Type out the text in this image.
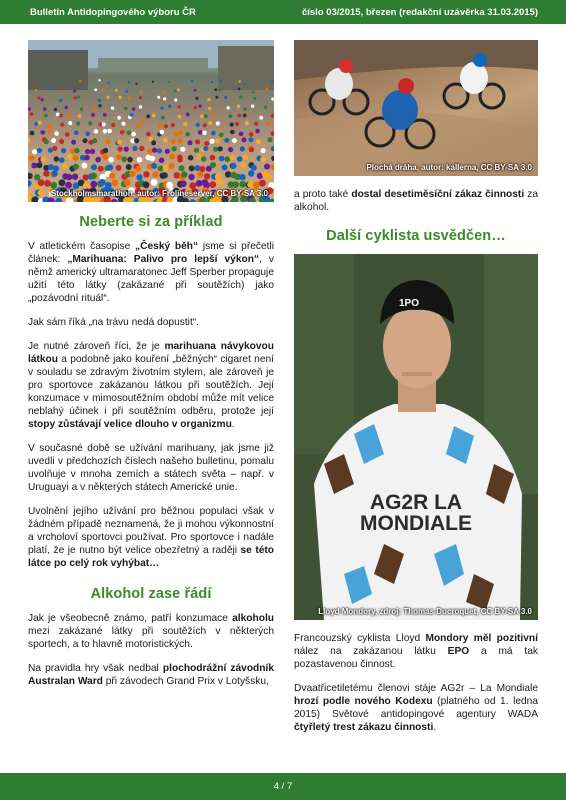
Bulletin Antidopingového výboru ČR	číslo 03/2015, březen (redakční uzávěrka 31.03.2015)
Stockholmsmarathon, autor: Frolineserver, CC BY-SA 3.0
Neberte si za příklad

V atletickém časopise „Český běh“ jsme si přečetli článek: „Marihuana: Palivo pro lepší výkon“, v němž americký ultramaratonec Jeff Sperber propaguje užití této látky (zakázané při soutěžích) jako „pozávodní rituál“.

Jak sám říká „na trávu nedá dopustit“.

Je nutné zároveň říci, že je marihuana návykovou látkou a podobně jako kouření „běžných“ cigaret není v souladu se zdravým životním stylem, ale zároveň je pro sportovce zakázanou látkou při soutěžích. Její konzumace v mimosoutěžním období může mít velice neblahý účinek i při soutěžním odběru, protože její stopy zůstávají velice dlouho v organizmu.

V současné době se užívání marihuany, jak jsme již uvedli v předchozích číslech našeho bulletinu, pomalu uvolňuje v mnoha zemích a státech světa – např. v Uruguayi a v některých státech Americké unie.

Uvolnění jejího užívání pro běžnou populaci však v žádném případě neznamená, že ji mohou výkonnostní a vrcholoví sportovci používat. Pro sportovce i nadále platí, že je nutno být velice obezřetný a raději se této látce po celý rok vyhýbat…

Alkohol zase řádí

Jak je všeobecně známo, patří konzumace alkoholu mezi zakázané látky při soutěžích v některých sportech, a to hlavně motoristických.

Na pravidla hry však nedbal plochodrážní závodník Australan Ward při závodech Grand Prix v Lotyšsku,

Plochá dráha, autor: kallerna, CC BY-SA 3.0

a proto také dostal desetiměsíční zákaz činnosti za alkohol.

Další cyklista usvědčen…
1PO
AG2R LA
MONDIALE
Lloyd Mondory, zdroj: Thomas Ducroquet, CC BY-SA 3.0

Francouzský cyklista Lloyd Mondory měl pozitivní nález na zakázanou látku EPO a má tak pozastavenou činnost.

Dvaatřicetiletému členovi stáje AG2r – La Mondiale hrozí podle nového Kodexu (platného od 1. ledna 2015) Světové antidopingové agentury WADA čtyřletý trest zákazu činnosti.

4 / 7
